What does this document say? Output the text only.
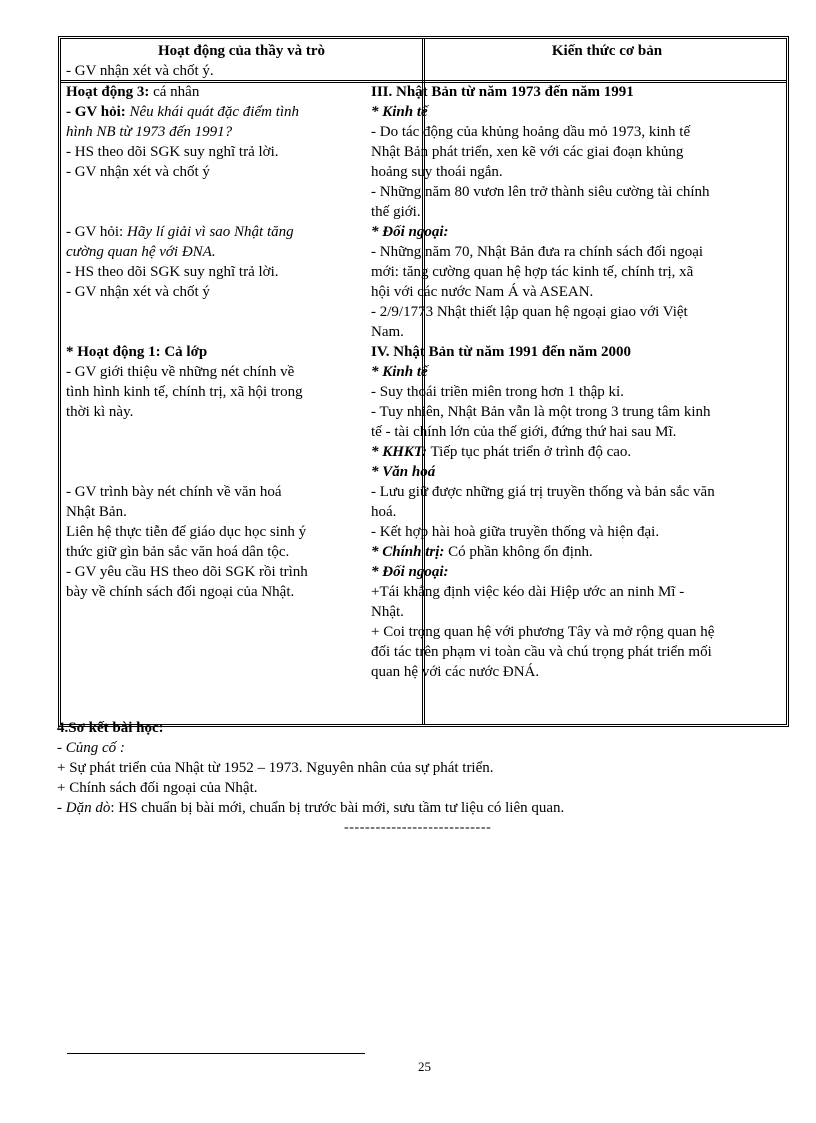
Hoạt động của thầy và trò	Kiến thức cơ bản
- GV nhận xét và chốt ý.
Hoạt động 3: cá nhân
- GV hỏi: Nêu khái quát đặc điểm tình
hình NB từ 1973 đến 1991?
- HS theo dõi SGK suy nghĩ trả lời.
- GV nhận xét và chốt ý
- GV hỏi: Hãy lí giải vì sao Nhật tăng
cường quan hệ với ĐNA.
- HS theo dõi SGK suy nghĩ trả lời.
- GV nhận xét và chốt ý
* Hoạt động 1: Cả lớp
- GV giới thiệu về những nét chính về
tình hình kinh tế, chính trị, xã hội trong
thời kì này.
- GV trình bày nét chính về văn hoá
Nhật Bản.
Liên hệ thực tiễn để giáo dục học sinh ý
thức giữ gìn bản sắc văn hoá dân tộc.
- GV yêu cầu HS theo dõi SGK rồi trình
bày về chính sách đối ngoại của Nhật.
III. Nhật Bản từ năm 1973 đến năm 1991
* Kinh tế
- Do tác động của khủng hoảng dầu mỏ 1973, kinh tế
Nhật Bản phát triển, xen kẽ với các giai đoạn khủng
hoảng suy thoái ngắn.
- Những năm 80 vươn lên trở thành siêu cường tài chính
thế giới.
* Đối ngoại:
- Những năm 70, Nhật Bản đưa ra chính sách đối ngoại
mới: tăng cường quan hệ hợp tác kinh tế, chính trị, xã
hội với các nước Nam Á và ASEAN.
- 2/9/1773 Nhật thiết lập quan hệ ngoại giao với Việt
Nam.
IV. Nhật Bản từ năm 1991 đến năm 2000
* Kinh tế
- Suy thoái triền miên trong hơn 1 thập kỉ.
- Tuy nhiên, Nhật Bản vẫn là một trong 3 trung tâm kinh
tế - tài chính lớn của thế giới, đứng thứ hai sau Mĩ.
* KHKT: Tiếp tục phát triển ở trình độ cao.
* Văn hoá
- Lưu giữ được những giá trị truyền thống và bản sắc văn
hoá.
- Kết hợp hài hoà giữa truyền thống và hiện đại.
* Chính trị: Có phần không ổn định.
* Đối ngoại:
+Tái khẳng định việc kéo dài Hiệp ước an ninh Mĩ -
Nhật.
+ Coi trọng quan hệ với phương Tây và mở rộng quan hệ
đối tác trên phạm vi toàn cầu và chú trọng phát triển mối
quan hệ với các nước ĐNÁ.
4.Sơ kết bài học:
- Củng cố :
+ Sự phát triển của Nhật từ 1952 – 1973. Nguyên nhân của sự phát triển.
+ Chính sách đối ngoại của Nhật.
- Dặn dò: HS chuẩn bị bài mới, chuẩn bị trước bài mới, sưu tầm tư liệu có liên quan.
----------------------------
25
